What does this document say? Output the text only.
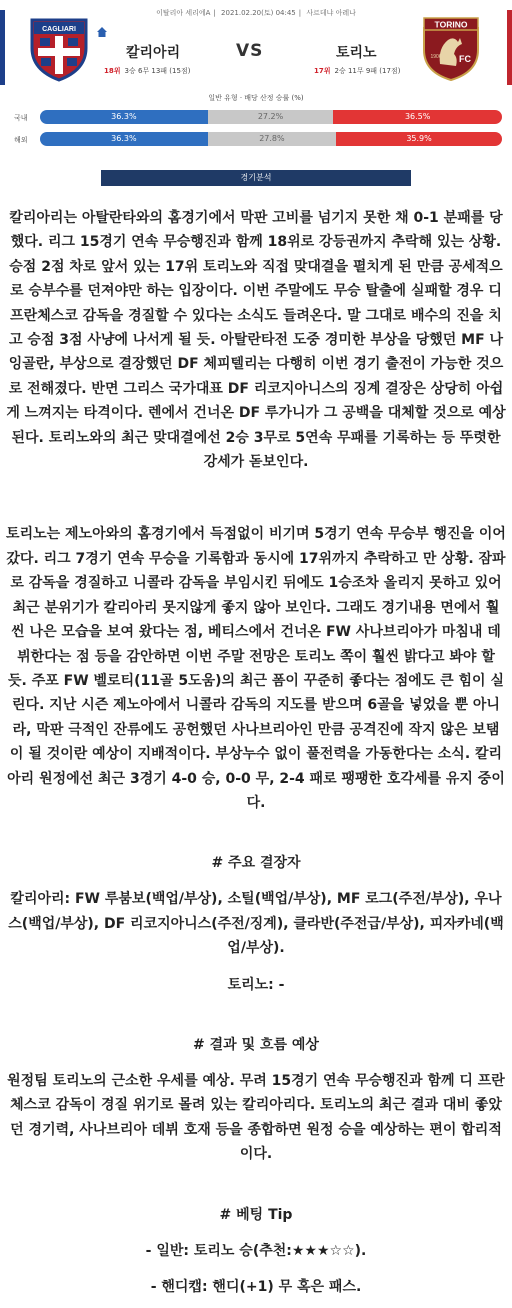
이탈리아 세리에A | 2021.02.20(토) 04:45 | 사르데냐 아레나
CAGLIARI
칼리아리	VS	토리노
18위 3승 6무 13패 (15점)	17위 2승 11무 9패 (17점)
TORINO
1906 FC
일반 유형 · 배당 산정 승률 (%)
국내	36.3%	27.2%	36.5%
해외	36.3%	27.8%	35.9%
경기분석

칼리아리는 아탈란타와의 홈경기에서 막판 고비를 넘기지 못한 채 0-1 분패를 당했다. 리그 15경기 연속 무승행진과 함께 18위로 강등권까지 추락해 있는 상황. 승점 2점 차로 앞서 있는 17위 토리노와 직접 맞대결을 펼치게 된 만큼 공세적으로 승부수를 던져야만 하는 입장이다. 이번 주말에도 무승 탈출에 실패할 경우 디 프란체스코 감독을 경질할 수 있다는 소식도 들려온다. 말 그대로 배수의 진을 치고 승점 3점 사냥에 나서게 될 듯. 아탈란타전 도중 경미한 부상을 당했던 MF 나잉골란, 부상으로 결장했던 DF 체피텔리는 다행히 이번 경기 출전이 가능한 것으로 전해졌다. 반면 그리스 국가대표 DF 리코지아니스의 징계 결장은 상당히 아쉽게 느껴지는 타격이다. 렌에서 건너온 DF 루가니가 그 공백을 대체할 것으로 예상된다. 토리노와의 최근 맞대결에선 2승 3무로 5연속 무패를 기록하는 등 뚜렷한 강세가 돋보인다.

토리노는 제노아와의 홈경기에서 득점없이 비기며 5경기 연속 무승부 행진을 이어갔다. 리그 7경기 연속 무승을 기록함과 동시에 17위까지 추락하고 만 상황. 잠파로 감독을 경질하고 니콜라 감독을 부임시킨 뒤에도 1승조차 올리지 못하고 있어 최근 분위기가 칼리아리 못지않게 좋지 않아 보인다. 그래도 경기내용 면에서 훨씬 나은 모습을 보여 왔다는 점, 베티스에서 건너온 FW 사나브리아가 마침내 데뷔한다는 점 등을 감안하면 이번 주말 전망은 토리노 쪽이 훨씬 밝다고 봐야 할 듯. 주포 FW 벨로티(11골 5도움)의 최근 폼이 꾸준히 좋다는 점에도 큰 힘이 실린다. 지난 시즌 제노아에서 니콜라 감독의 지도를 받으며 6골을 넣었을 뿐 아니라, 막판 극적인 잔류에도 공헌했던 사나브리아인 만큼 공격진에 작지 않은 보탬이 될 것이란 예상이 지배적이다. 부상누수 없이 풀전력을 가동한다는 소식. 칼리아리 원정에선 최근 3경기 4-0 승, 0-0 무, 2-4 패로 팽팽한 호각세를 유지 중이다.

# 주요 결장자

칼리아리: FW 루붐보(백업/부상), 소틸(백업/부상), MF 로그(주전/부상), 우나스(백업/부상), DF 리코지아니스(주전/징계), 클라반(주전급/부상), 피자카네(백업/부상).

토리노: -

# 결과 및 흐름 예상

원정팀 토리노의 근소한 우세를 예상. 무려 15경기 연속 무승행진과 함께 디 프란체스코 감독이 경질 위기로 몰려 있는 칼리아리다. 토리노의 최근 결과 대비 좋았던 경기력, 사나브리아 데뷔 호재 등을 종합하면 원정 승을 예상하는 편이 합리적이다.

# 베팅 Tip

- 일반: 토리노 승(추천:★★★☆☆).

- 핸디캡: 핸디(+1) 무 혹은 패스.
